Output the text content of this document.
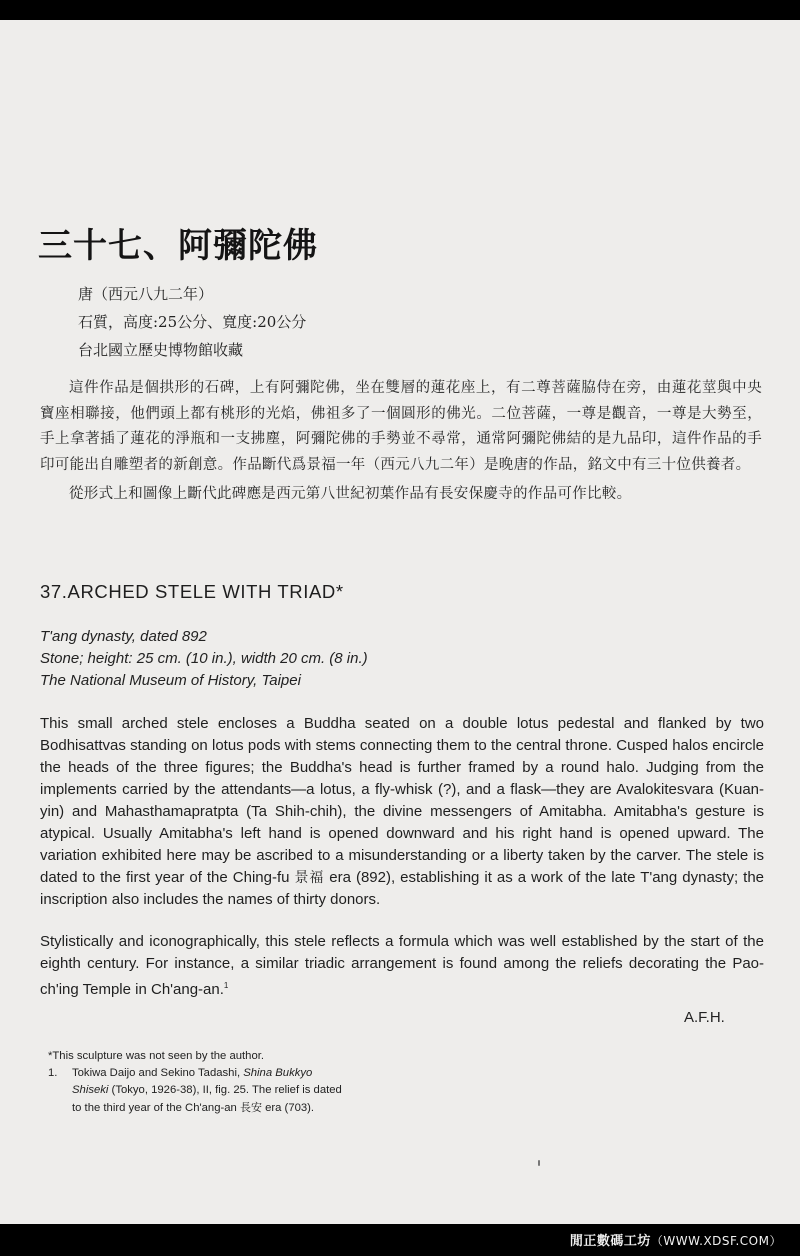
三十七、阿彌陀佛
唐（西元八九二年）
石質，高度:25公分、寬度:20公分
台北國立歷史博物館收藏

這件作品是個拱形的石碑，上有阿彌陀佛，坐在雙層的蓮花座上，有二尊菩薩脇侍在旁，由蓮花莖與中央寶座相聯接，他們頭上都有桃形的光焰，佛祖多了一個圓形的佛光。二位菩薩，一尊是觀音，一尊是大勢至，手上拿著插了蓮花的淨瓶和一支拂塵，阿彌陀佛的手勢並不尋常，通常阿彌陀佛結的是九品印，這件作品的手印可能出自雕塑者的新創意。作品斷代爲景福一年（西元八九二年）是晚唐的作品，銘文中有三十位供養者。

從形式上和圖像上斷代此碑應是西元第八世紀初葉作品有長安保慶寺的作品可作比較。

37.ARCHED STELE WITH TRIAD*
T'ang dynasty, dated 892
Stone; height: 25 cm. (10 in.), width 20 cm. (8 in.)
The National Museum of History, Taipei

This small arched stele encloses a Buddha seated on a double lotus pedestal and flanked by two Bodhisattvas standing on lotus pods with stems connecting them to the central throne. Cusped halos encircle the heads of the three figures; the Buddha's head is further framed by a round halo. Judging from the implements carried by the attendants—a lotus, a fly-whisk (?), and a flask—they are Avalokitesvara (Kuan-yin) and Mahasthamapratpta (Ta Shih-chih), the divine messengers of Amitabha. Amitabha's gesture is atypical. Usually Amitabha's left hand is opened downward and his right hand is opened upward. The variation exhibited here may be ascribed to a misunderstanding or a liberty taken by the carver. The stele is dated to the first year of the Ching-fu 景福 era (892), establishing it as a work of the late T'ang dynasty; the inscription also includes the names of thirty donors.

Stylistically and iconographically, this stele reflects a formula which was well established by the start of the eighth century. For instance, a similar triadic arrangement is found among the reliefs decorating the Pao-ch'ing Temple in Ch'ang-an.$^1$

A.F.H.
*This sculpture was not seen by the author.
1. Tokiwa Daijo and Sekino Tadashi, Shina Bukkyo
Shiseki (Tokyo, 1926-38), II, fig. 25. The relief is dated
to the third year of the Ch'ang-an 長安 era (703).
閒正數碼工坊（WWW.XDSF.COM）
